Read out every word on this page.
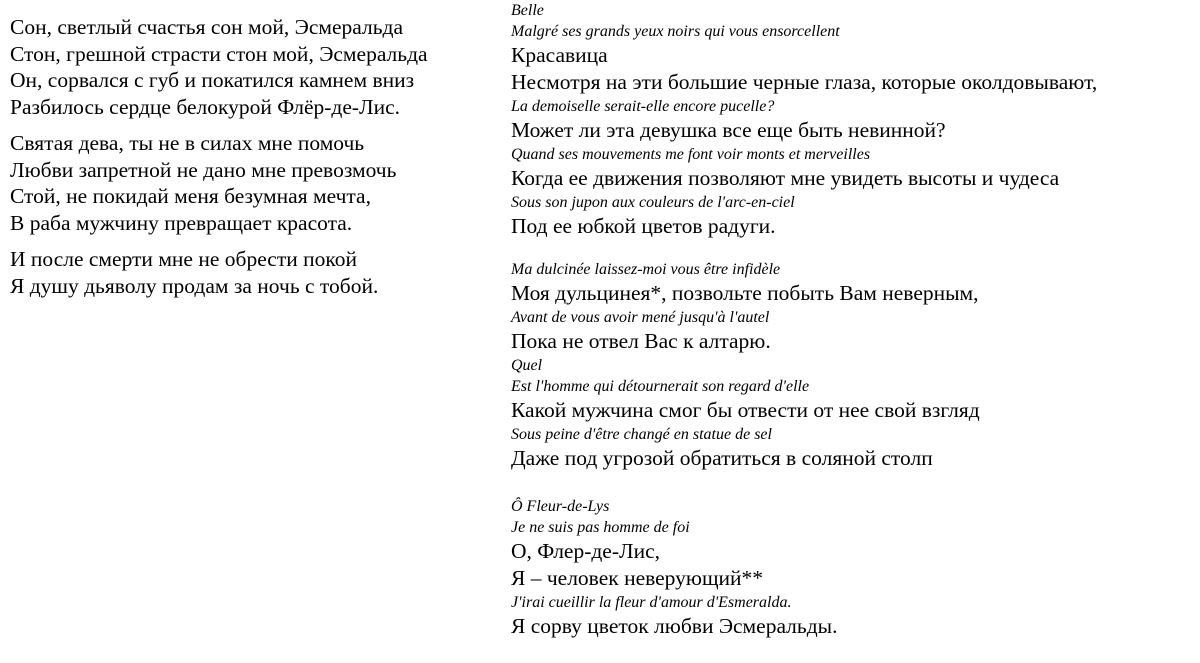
Сон, светлый счастья сон мой, Эсмеральда
Стон, грешной страсти стон мой, Эсмеральда
Он, сорвался с губ и покатился камнем вниз
Разбилось сердце белокурой Флёр-де-Лис.
Святая дева, ты не в силах мне помочь
Любви запретной не дано мне превозмочь
Стой, не покидай меня безумная мечта,
В раба мужчину превращает красота.
И после смерти мне не обрести покой
Я душу дьяволу продам за ночь с тобой.
Belle
Malgré ses grands yeux noirs qui vous ensorcellent
Красавица
Несмотря на эти большие черные глаза, которые околдовывают,
La demoiselle serait-elle encore pucelle?
Может ли эта девушка все еще быть невинной?
Quand ses mouvements me font voir monts et merveilles
Когда ее движения позволяют мне увидеть высоты и чудеса
Sous son jupon aux couleurs de l'arc-en-ciel
Под ее юбкой цветов радуги.
Ma dulcinée laissez-moi vous être infidèle
Моя дульцинея*, позвольте побыть Вам неверным,
Avant de vous avoir mené jusqu'à l'autel
Пока не отвел Вас к алтарю.
Quel
Est l'homme qui détournerait son regard d'elle
Какой мужчина смог бы отвести от нее свой взгляд
Sous peine d'être changé en statue de sel
Даже под угрозой обратиться в соляной столп
Ô Fleur-de-Lys
Je ne suis pas homme de foi
О, Флер-де-Лис,
Я – человек неверующий**
J'irai cueillir la fleur d'amour d'Esmeralda.
Я сорву цветок любви Эсмеральды.
